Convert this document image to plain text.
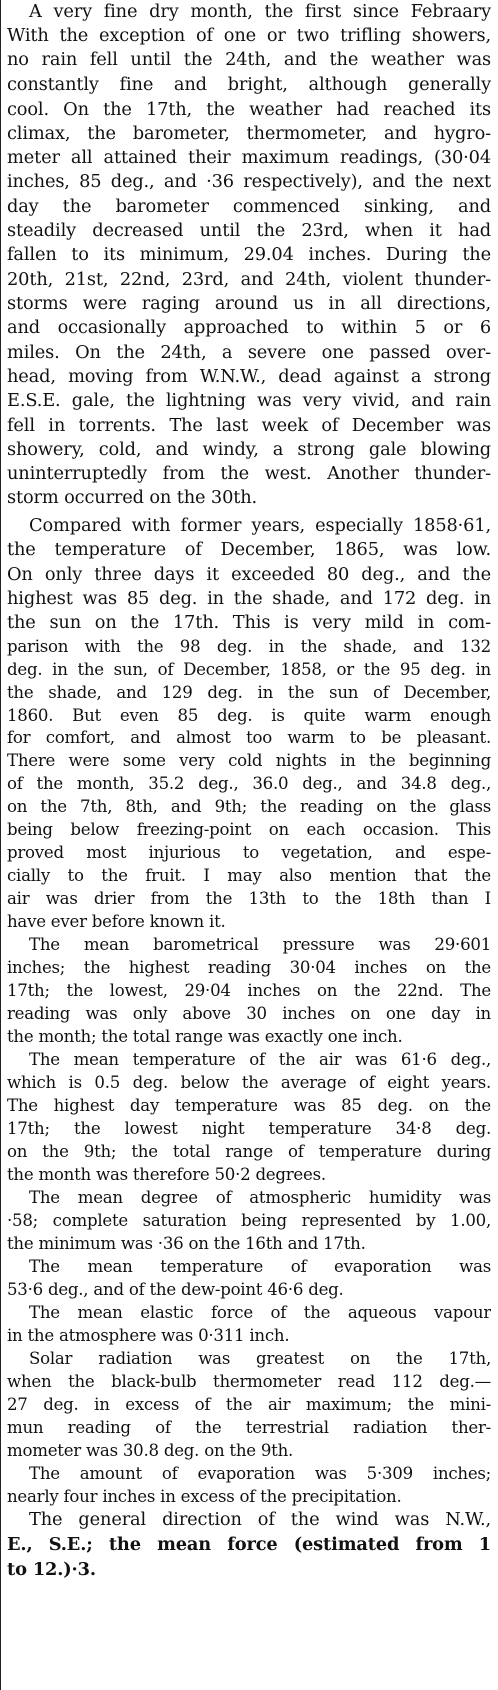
A very fine dry month, the first since Febraary
With the exception of one or two trifling showers,
no rain fell until the 24th, and the weather was
constantly fine and bright, although generally
cool. On the 17th, the weather had reached its
climax, the barometer, thermometer, and hygro-
meter all attained their maximum readings, (30·04
inches, 85 deg., and ·36 respectively), and the next
day the barometer commenced sinking, and
steadily decreased until the 23rd, when it had
fallen to its minimum, 29.04 inches. During the
20th, 21st, 22nd, 23rd, and 24th, violent thunder-
storms were raging around us in all directions,
and occasionally approached to within 5 or 6
miles. On the 24th, a severe one passed over-
head, moving from W.N.W., dead against a strong
E.S.E. gale, the lightning was very vivid, and rain
fell in torrents. The last week of December was
showery, cold, and windy, a strong gale blowing
uninterruptedly from the west. Another thunder-
storm occurred on the 30th.
Compared with former years, especially 1858·61,
the temperature of December, 1865, was low.
On only three days it exceeded 80 deg., and the
highest was 85 deg. in the shade, and 172 deg. in
the sun on the 17th. This is very mild in com-
parison with the 98 deg. in the shade, and 132
deg. in the sun, of December, 1858, or the 95 deg. in
the shade, and 129 deg. in the sun of December,
1860. But even 85 deg. is quite warm enough
for comfort, and almost too warm to be pleasant.
There were some very cold nights in the beginning
of the month, 35.2 deg., 36.0 deg., and 34.8 deg.,
on the 7th, 8th, and 9th; the reading on the glass
being below freezing-point on each occasion. This
proved most injurious to vegetation, and espe-
cially to the fruit. I may also mention that the
air was drier from the 13th to the 18th than I
have ever before known it.
The mean barometrical pressure was 29·601
inches; the highest reading 30·04 inches on the
17th; the lowest, 29·04 inches on the 22nd. The
reading was only above 30 inches on one day in
the month; the total range was exactly one inch.
The mean temperature of the air was 61·6 deg.,
which is 0.5 deg. below the average of eight years.
The highest day temperature was 85 deg. on the
17th; the lowest night temperature 34·8 deg.
on the 9th; the total range of temperature during
the month was therefore 50·2 degrees.
The mean degree of atmospheric humidity was
·58; complete saturation being represented by 1.00,
the minimum was ·36 on the 16th and 17th.
The mean temperature of evaporation was
53·6 deg., and of the dew-point 46·6 deg.
The mean elastic force of the aqueous vapour
in the atmosphere was 0·311 inch.
Solar radiation was greatest on the 17th,
when the black-bulb thermometer read 112 deg.—
27 deg. in excess of the air maximum; the mini-
mun reading of the terrestrial radiation ther-
mometer was 30.8 deg. on the 9th.
The amount of evaporation was 5·309 inches;
nearly four inches in excess of the precipitation.
The general direction of the wind was N.W.,
E., S.E.; the mean force (estimated from 1
to 12.)·3.
